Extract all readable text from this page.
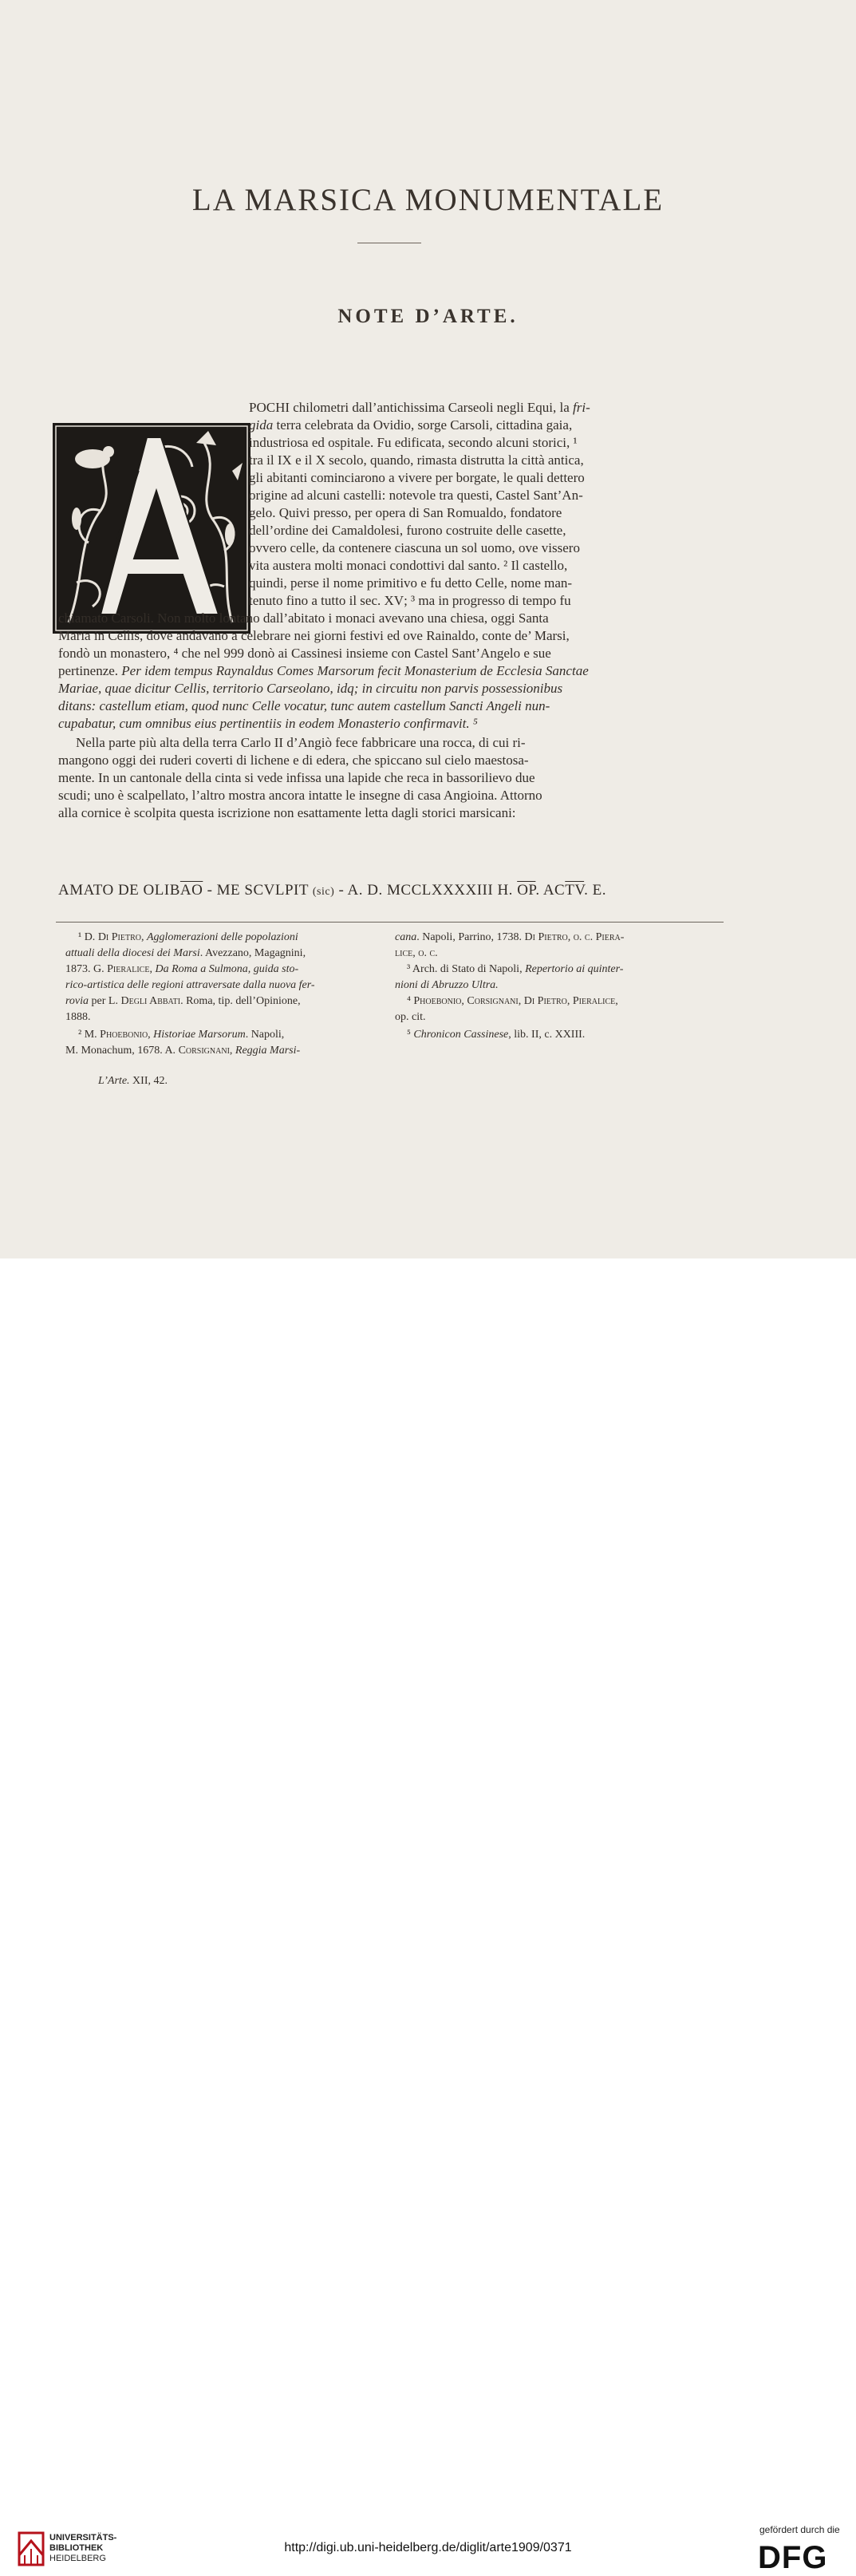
LA MARSICA MONUMENTALE
NOTE D’ARTE.
POCHI chilometri dall’antichissima Carseoli negli Equi, la fri-
gida terra celebrata da Ovidio, sorge Carsoli, cittadina gaia,
industriosa ed ospitale. Fu edificata, secondo alcuni storici, ¹
tra il IX e il X secolo, quando, rimasta distrutta la città antica,
gli abitanti cominciarono a vivere per borgate, le quali dettero
origine ad alcuni castelli: notevole tra questi, Castel Sant’An-
gelo. Quivi presso, per opera di San Romualdo, fondatore
dell’ordine dei Camaldolesi, furono costruite delle casette,
ovvero celle, da contenere ciascuna un sol uomo, ove vissero
vita austera molti monaci condottivi dal santo. ² Il castello,
quindi, perse il nome primitivo e fu detto Celle, nome man-
tenuto fino a tutto il sec. XV; ³ ma in progresso di tempo fu
chiamato Carsoli. Non molto lontano dall’abitato i monaci avevano una chiesa, oggi Santa
Maria in Cellis, dove andavano a celebrare nei giorni festivi ed ove Rainaldo, conte de’ Marsi,
fondò un monastero, ⁴ che nel 999 donò ai Cassinesi insieme con Castel Sant’Angelo e sue
pertinenze. Per idem tempus Raynaldus Comes Marsorum fecit Monasterium de Ecclesia Sanctae
Mariae, quae dicitur Cellis, territorio Carseolano, idq; in circuitu non parvis possessionibus
ditans: castellum etiam, quod nunc Celle vocatur, tunc autem castellum Sancti Angeli nun-
cupabatur, cum omnibus eius pertinentiis in eodem Monasterio confirmavit. ⁵
Nella parte più alta della terra Carlo II d’Angiò fece fabbricare una rocca, di cui ri-
mangono oggi dei ruderi coverti di lichene e di edera, che spiccano sul cielo maestosa-
mente. In un cantonale della cinta si vede infissa una lapide che reca in bassorilievo due
scudi; uno è scalpellato, l’altro mostra ancora intatte le insegne di casa Angioina. Attorno
alla cornice è scolpita questa iscrizione non esattamente letta dagli storici marsicani:
AMATO DE $OLIB\overline{AO}$ - ME SCVLPIT (sic) - A. D. MCCLXXXXIII H. $\overline{OP}$. $AC\overline{TV}$. E.
¹ D. Di Pietro, Agglomerazioni delle popolazioni
attuali della diocesi dei Marsi. Avezzano, Magagnini,
1873. G. Pieralice, Da Roma a Sulmona, guida sto-
rico-artistica delle regioni attraversate dalla nuova fer-
rovia per L. Degli Abbati. Roma, tip. dell’Opinione,
1888.
² M. Phoebonio, Historiae Marsorum. Napoli,
M. Monachum, 1678. A. Corsignani, Reggia Marsi-
cana. Napoli, Parrino, 1738. Di Pietro, o. c. Piera-
lice, o. c.
³ Arch. di Stato di Napoli, Repertorio ai quinter-
nioni di Abruzzo Ultra.
⁴ Phoebonio, Corsignani, Di Pietro, Pieralice,
op. cit.
⁵ Chronicon Cassinese, lib. II, c. XXIII.
L’Arte. XII, 42.
UNIVERSITÄTS-
BIBLIOTHEK
HEIDELBERG
http://digi.ub.uni-heidelberg.de/diglit/arte1909/0371
gefördert durch die
DFG
